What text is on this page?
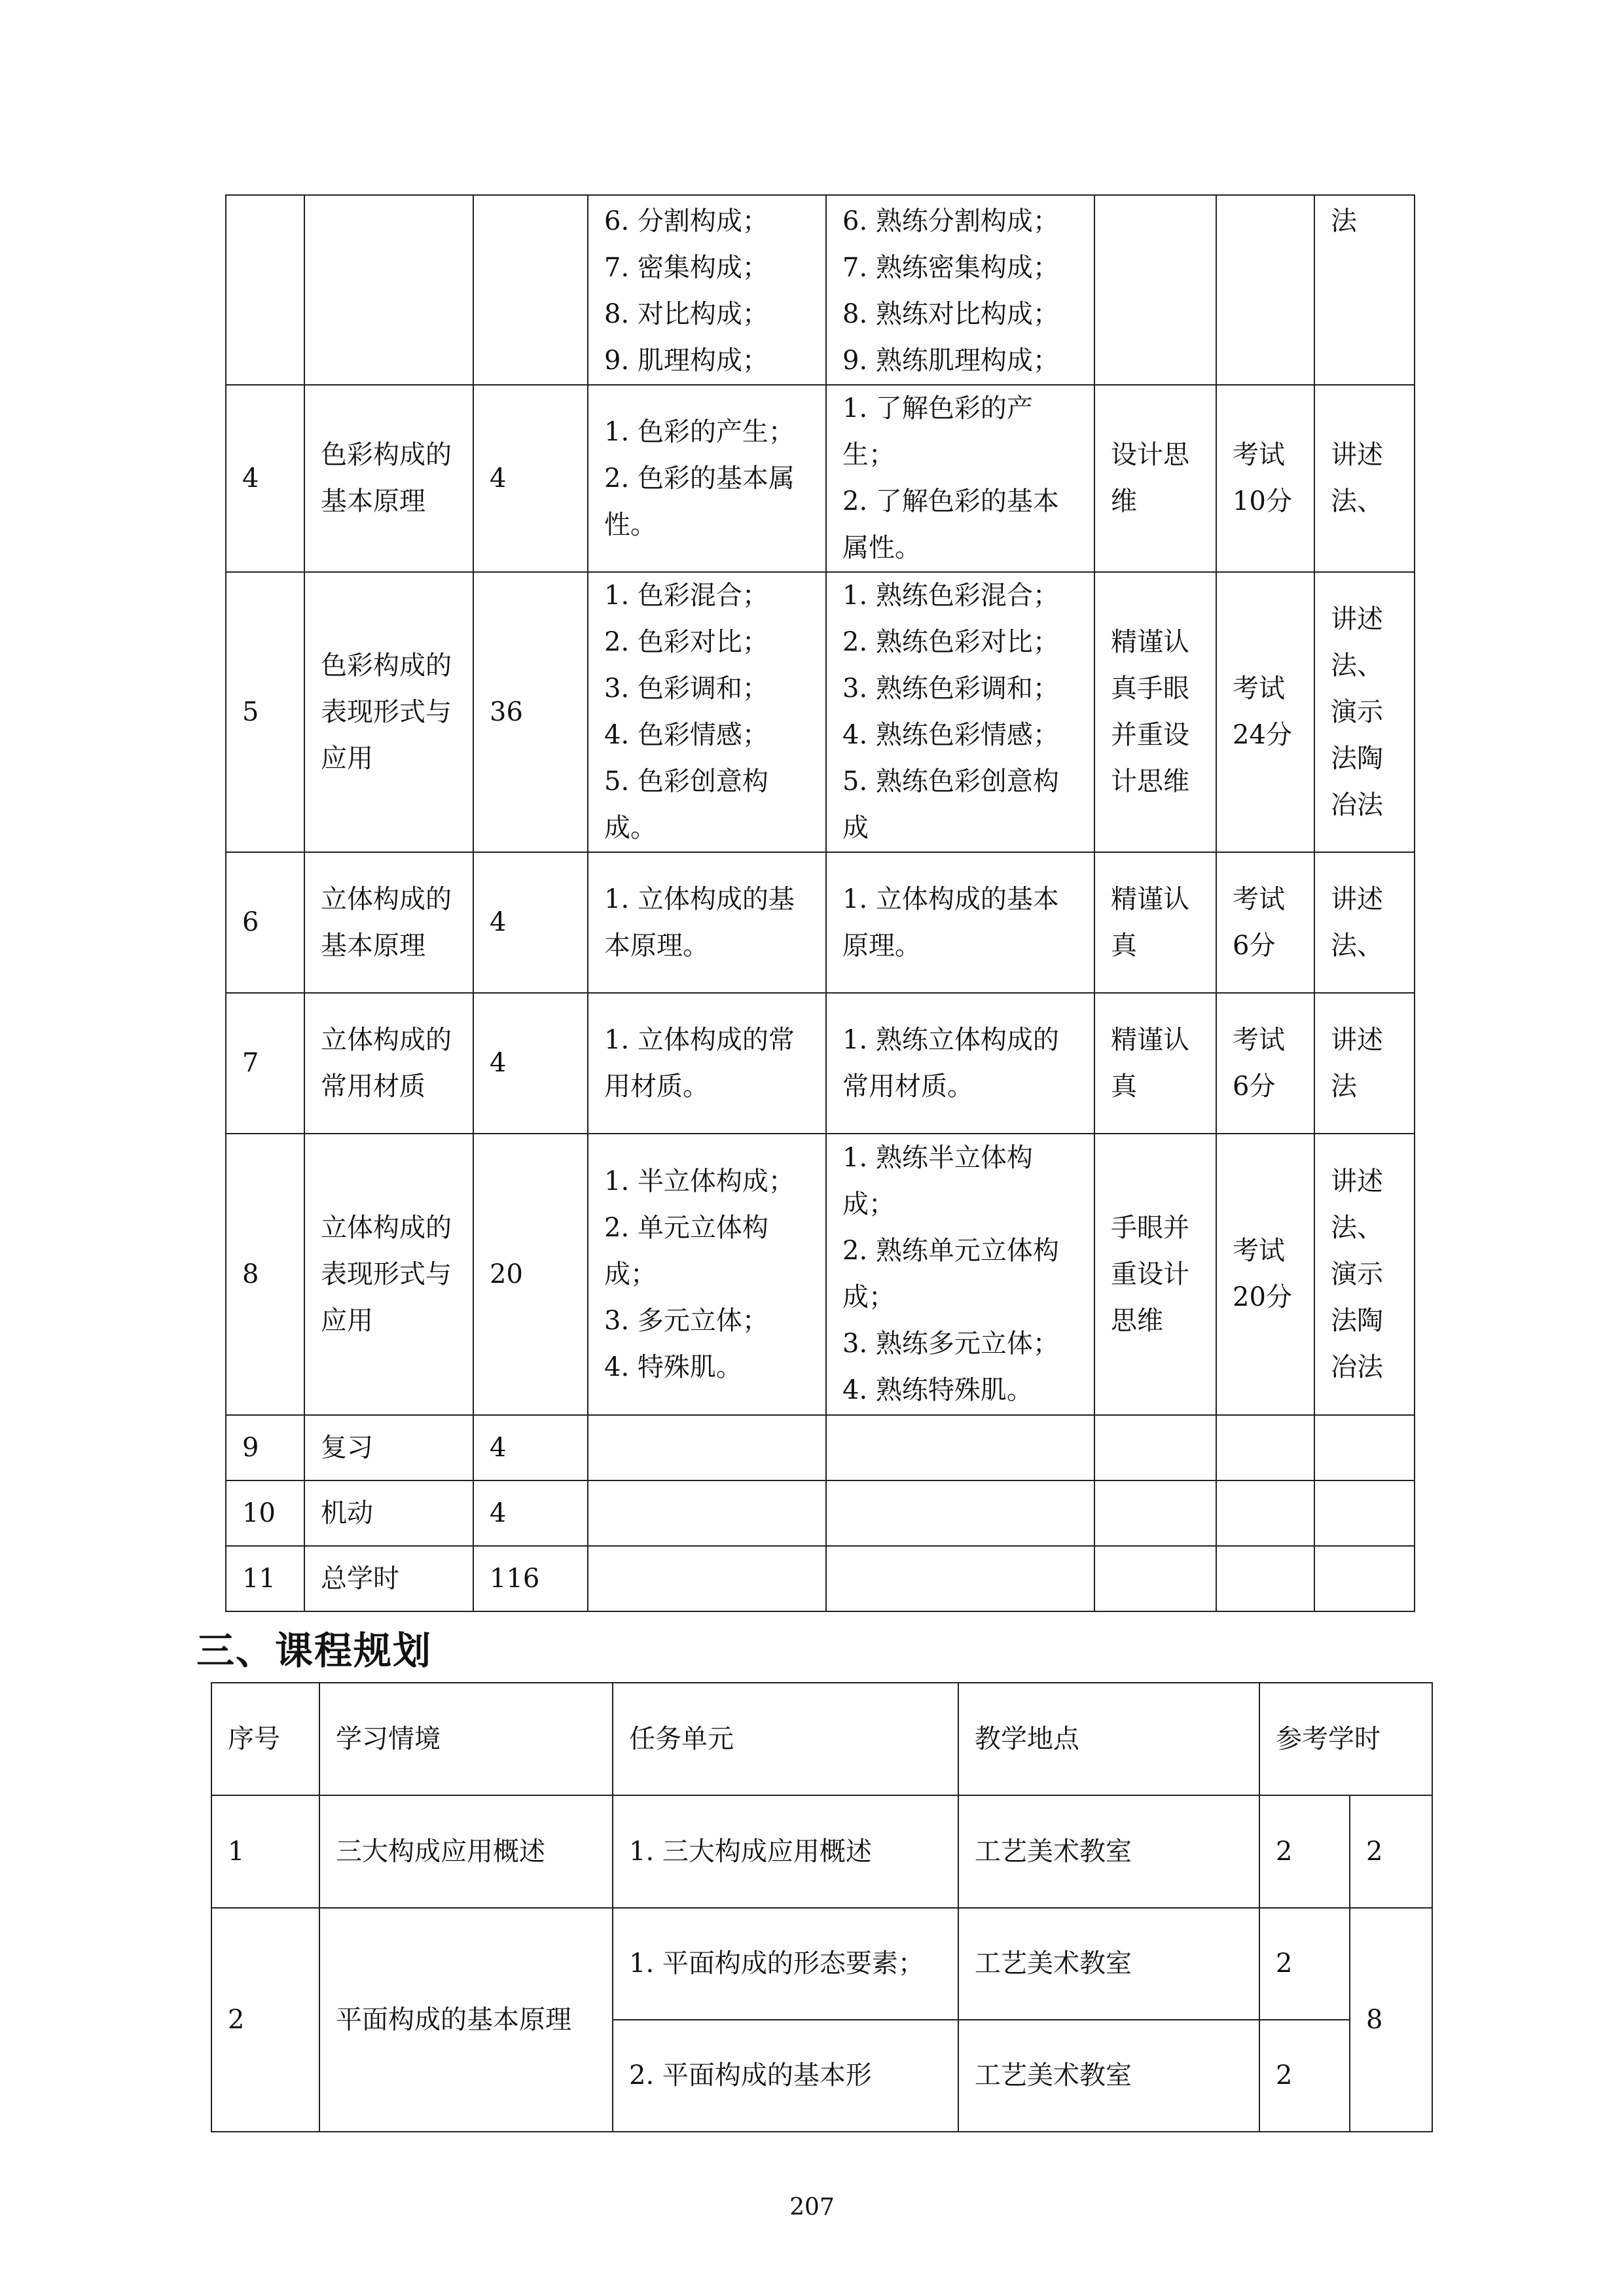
			6. 分割构成；
7. 密集构成；
8. 对比构成；
9. 肌理构成；	6. 熟练分割构成；
7. 熟练密集构成；
8. 熟练对比构成；
9. 熟练肌理构成；			法
4	色彩构成的基本原理	4	1. 色彩的产生；
2. 色彩的基本属性。	1. 了解色彩的产生；
2. 了解色彩的基本属性。	设计思维	考试10分	讲述法、
5	色彩构成的表现形式与应用	36	1. 色彩混合；
2. 色彩对比；
3. 色彩调和；
4. 色彩情感；
5. 色彩创意构成。	1. 熟练色彩混合；
2. 熟练色彩对比；
3. 熟练色彩调和；
4. 熟练色彩情感；
5. 熟练色彩创意构成	精谨认真手眼并重设计思维	考试24分	讲述法、演示法陶冶法
6	立体构成的基本原理	4	1. 立体构成的基本原理。	1. 立体构成的基本原理。	精谨认真	考试6分	讲述法、
7	立体构成的常用材质	4	1. 立体构成的常用材质。	1. 熟练立体构成的常用材质。	精谨认真	考试6分	讲述法
8	立体构成的表现形式与应用	20	1. 半立体构成；
2. 单元立体构成；
3. 多元立体；
4. 特殊肌。	1. 熟练半立体构成；
2. 熟练单元立体构成；
3. 熟练多元立体；
4. 熟练特殊肌。	手眼并重设计思维	考试20分	讲述法、演示法陶冶法
9	复习	4					
10	机动	4					
11	总学时	116					
三、课程规划
序号	学习情境	任务单元	教学地点	参考学时	
1	三大构成应用概述	1. 三大构成应用概述	工艺美术教室	2	2
2	平面构成的基本原理	1. 平面构成的形态要素；	工艺美术教室	2	8
		2. 平面构成的基本形	工艺美术教室	2	
207
